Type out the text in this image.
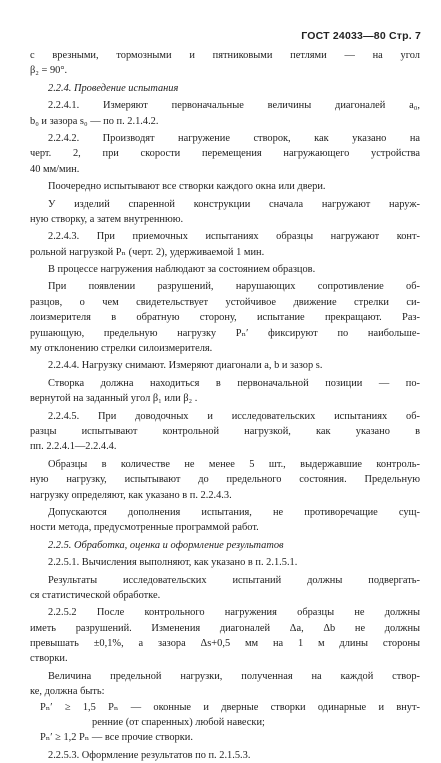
ГОСТ 24033—80 Стр. 7
с врезными, тормозными и пятниковыми петлями — на угол
β₂ = 90°.
2.2.4. Проведение испытания
2.2.4.1. Измеряют первоначальные величины диагоналей a₀,
b₀ и зазора s₀ — по п. 2.1.4.2.
2.2.4.2. Производят нагружение створок, как указано на
черт. 2, при скорости перемещения нагружающего устройства
40 мм/мин.
Поочередно испытывают все створки каждого окна или двери.
У изделий спаренной конструкции сначала нагружают наруж-
ную створку, а затем внутреннюю.
2.2.4.3. При приемочных испытаниях образцы нагружают конт-
рольной нагрузкой Pₙ (черт. 2), удерживаемой 1 мин.
В процессе нагружения наблюдают за состоянием образцов.
При появлении разрушений, нарушающих сопротивление об-
разцов, о чем свидетельствует устойчивое движение стрелки си-
лоизмерителя в обратную сторону, испытание прекращают. Раз-
рушающую, предельную нагрузку Pₙ′ фиксируют по наибольше-
му отклонению стрелки силоизмерителя.
2.2.4.4. Нагрузку снимают. Измеряют диагонали a, b и зазор s.
Створка должна находиться в первоначальной позиции — по-
вернутой на заданный угол β₁ или β₂ .
2.2.4.5. При доводочных и исследовательских испытаниях об-
разцы испытывают контрольной нагрузкой, как указано в
пп. 2.2.4.1—2.2.4.4.
Образцы в количестве не менее 5 шт., выдержавшие контроль-
ную нагрузку, испытывают до предельного состояния. Предельную
нагрузку определяют, как указано в п. 2.2.4.3.
Допускаются дополнения испытания, не противоречащие сущ-
ности метода, предусмотренные программой работ.
2.2.5. Обработка, оценка и оформление результатов
2.2.5.1. Вычисления выполняют, как указано в п. 2.1.5.1.
Результаты исследовательских испытаний должны подвергать-
ся статистической обработке.
2.2.5.2 После контрольного нагружения образцы не должны
иметь разрушений. Изменения диагоналей Δa, Δb не должны
превышать ±0,1%, а зазора Δs+0,5 мм на 1 м длины стороны
створки.
Величина предельной нагрузки, полученная на каждой створ-
ке, должна быть:
Pₙ′ ≥ 1,5 Pₙ — оконные и дверные створки одинарные и внут-
ренние (от спаренных) любой навески;
Pₙ′ ≥ 1,2 Pₙ — все прочие створки.
2.2.5.3. Оформление результатов по п. 2.1.5.3.
